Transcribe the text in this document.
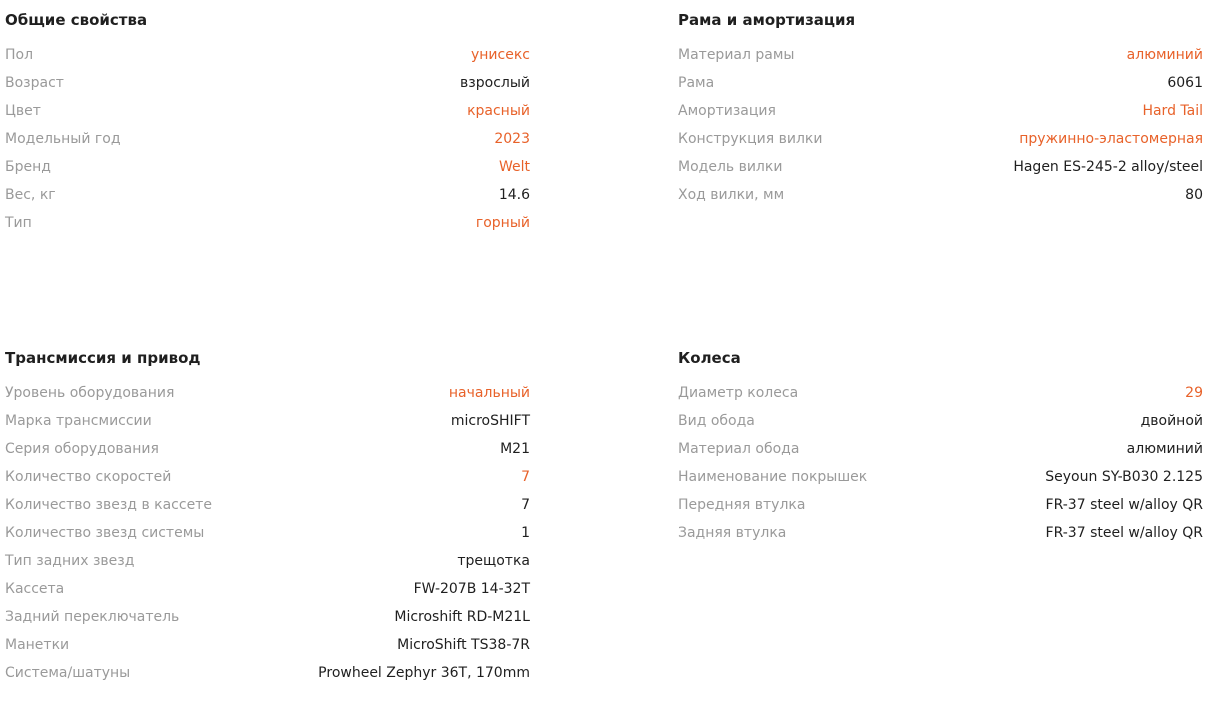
Общие свойства
Пол	унисекс
Возраст	взрослый
Цвет	красный
Модельный год	2023
Бренд	Welt
Вес, кг	14.6
Тип	горный
Рама и амортизация
Материал рамы	алюминий
Рама	6061
Амортизация	Hard Tail
Конструкция вилки	пружинно-эластомерная
Модель вилки	Hagen ES-245-2 alloy/steel
Ход вилки, мм	80
Трансмиссия и привод
Уровень оборудования	начальный
Марка трансмиссии	microSHIFT
Серия оборудования	M21
Количество скоростей	7
Количество звезд в кассете	7
Количество звезд системы	1
Тип задних звезд	трещотка
Кассета	FW-207B 14-32T
Задний переключатель	Microshift RD-M21L
Манетки	MicroShift TS38-7R
Система/шатуны	Prowheel Zephyr 36T, 170mm
Колеса
Диаметр колеса	29
Вид обода	двойной
Материал обода	алюминий
Наименование покрышек	Seyoun SY-B030 2.125
Передняя втулка	FR-37 steel w/alloy QR
Задняя втулка	FR-37 steel w/alloy QR
